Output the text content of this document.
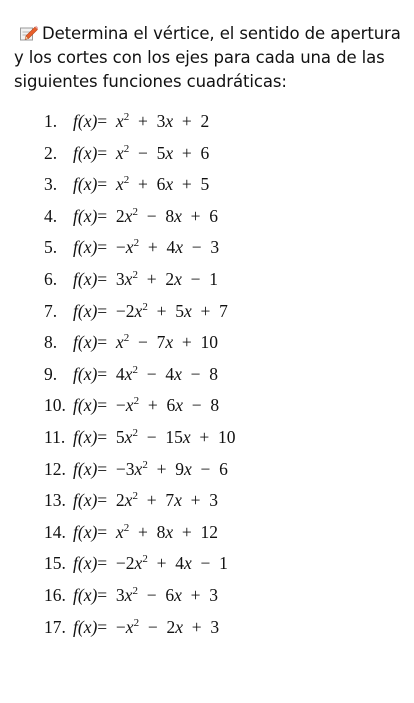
Determina el vértice, el sentido de apertura y los cortes con los ejes para cada una de las siguientes funciones cuadráticas:
1. $f(x) = x^2 + 3x + 2$
2. $f(x) = x^2 - 5x + 6$
3. $f(x) = x^2 + 6x + 5$
4. $f(x) = 2x^2 - 8x + 6$
5. $f(x) = -x^2 + 4x - 3$
6. $f(x) = 3x^2 + 2x - 1$
7. $f(x) = -2x^2 + 5x + 7$
8. $f(x) = x^2 - 7x + 10$
9. $f(x) = 4x^2 - 4x - 8$
10. $f(x) = -x^2 + 6x - 8$
11. $f(x) = 5x^2 - 15x + 10$
12. $f(x) = -3x^2 + 9x - 6$
13. $f(x) = 2x^2 + 7x + 3$
14. $f(x) = x^2 + 8x + 12$
15. $f(x) = -2x^2 + 4x - 1$
16. $f(x) = 3x^2 - 6x + 3$
17. $f(x) = -x^2 - 2x + 3$
